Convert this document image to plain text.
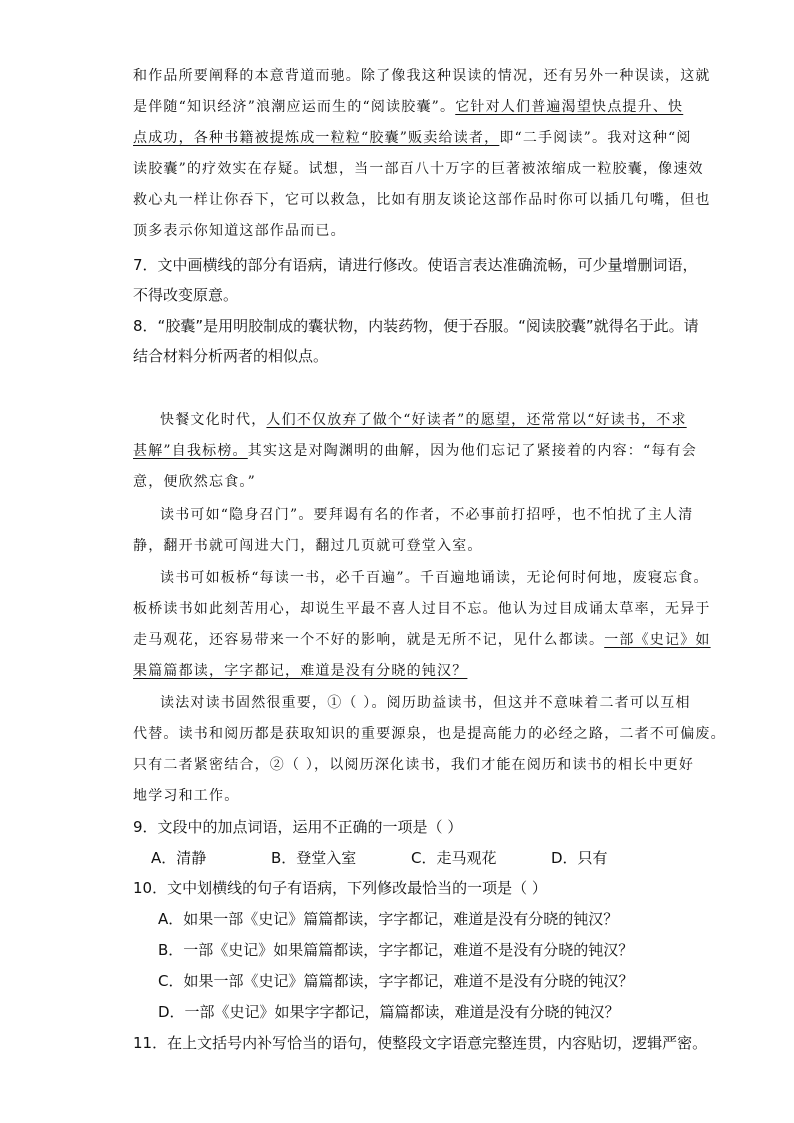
和作品所要阐释的本意背道而驰。除了像我这种误读的情况，还有另外一种误读，这就
是伴随“知识经济”浪潮应运而生的“阅读胶囊”。它针对人们普遍渴望快点提升、快
点成功，各种书籍被提炼成一粒粒“胶囊”贩卖给读者，即“二手阅读”。我对这种“阅
读胶囊”的疗效实在存疑。试想，当一部百八十万字的巨著被浓缩成一粒胶囊，像速效
救心丸一样让你吞下，它可以救急，比如有朋友谈论这部作品时你可以插几句嘴，但也
顶多表示你知道这部作品而已。
7．文中画横线的部分有语病，请进行修改。使语言表达准确流畅，可少量增删词语，
不得改变原意。
8．“胶囊”是用明胶制成的囊状物，内装药物，便于吞服。“阅读胶囊”就得名于此。请
结合材料分析两者的相似点。
快餐文化时代，人们不仅放弃了做个“好读者”的愿望，还常常以“好读书，不求
甚解”自我标榜。其实这是对陶渊明的曲解，因为他们忘记了紧接着的内容：“每有会
意，便欣然忘食。”
读书可如“隐身召门”。要拜谒有名的作者，不必事前打招呼，也不怕扰了主人清
静，翻开书就可闯进大门，翻过几页就可登堂入室。
读书可如板桥“每读一书，必千百遍”。千百遍地诵读，无论何时何地，废寝忘食。
板桥读书如此刻苦用心，却说生平最不喜人过目不忘。他认为过目成诵太草率，无异于
走马观花，还容易带来一个不好的影响，就是无所不记，见什么都读。一部《史记》如
果篇篇都读，字字都记，难道是没有分晓的钝汉？
读法对读书固然很重要，①（ ）。阅历助益读书，但这并不意味着二者可以互相
代替。读书和阅历都是获取知识的重要源泉，也是提高能力的必经之路，二者不可偏废。
只有二者紧密结合，②（ ），以阅历深化读书，我们才能在阅历和读书的相长中更好
地学习和工作。
9．文段中的加点词语，运用不正确的一项是（ ）
A．清静	B．登堂入室	C．走马观花	D．只有
10．文中划横线的句子有语病，下列修改最恰当的一项是（ ）
A．如果一部《史记》篇篇都读，字字都记，难道是没有分晓的钝汉？
B．一部《史记》如果篇篇都读，字字都记，难道不是没有分晓的钝汉？
C．如果一部《史记》篇篇都读，字字都记，难道不是没有分晓的钝汉？
D．一部《史记》如果字字都记，篇篇都读，难道是没有分晓的钝汉？
11．在上文括号内补写恰当的语句，使整段文字语意完整连贯，内容贴切，逻辑严密。
